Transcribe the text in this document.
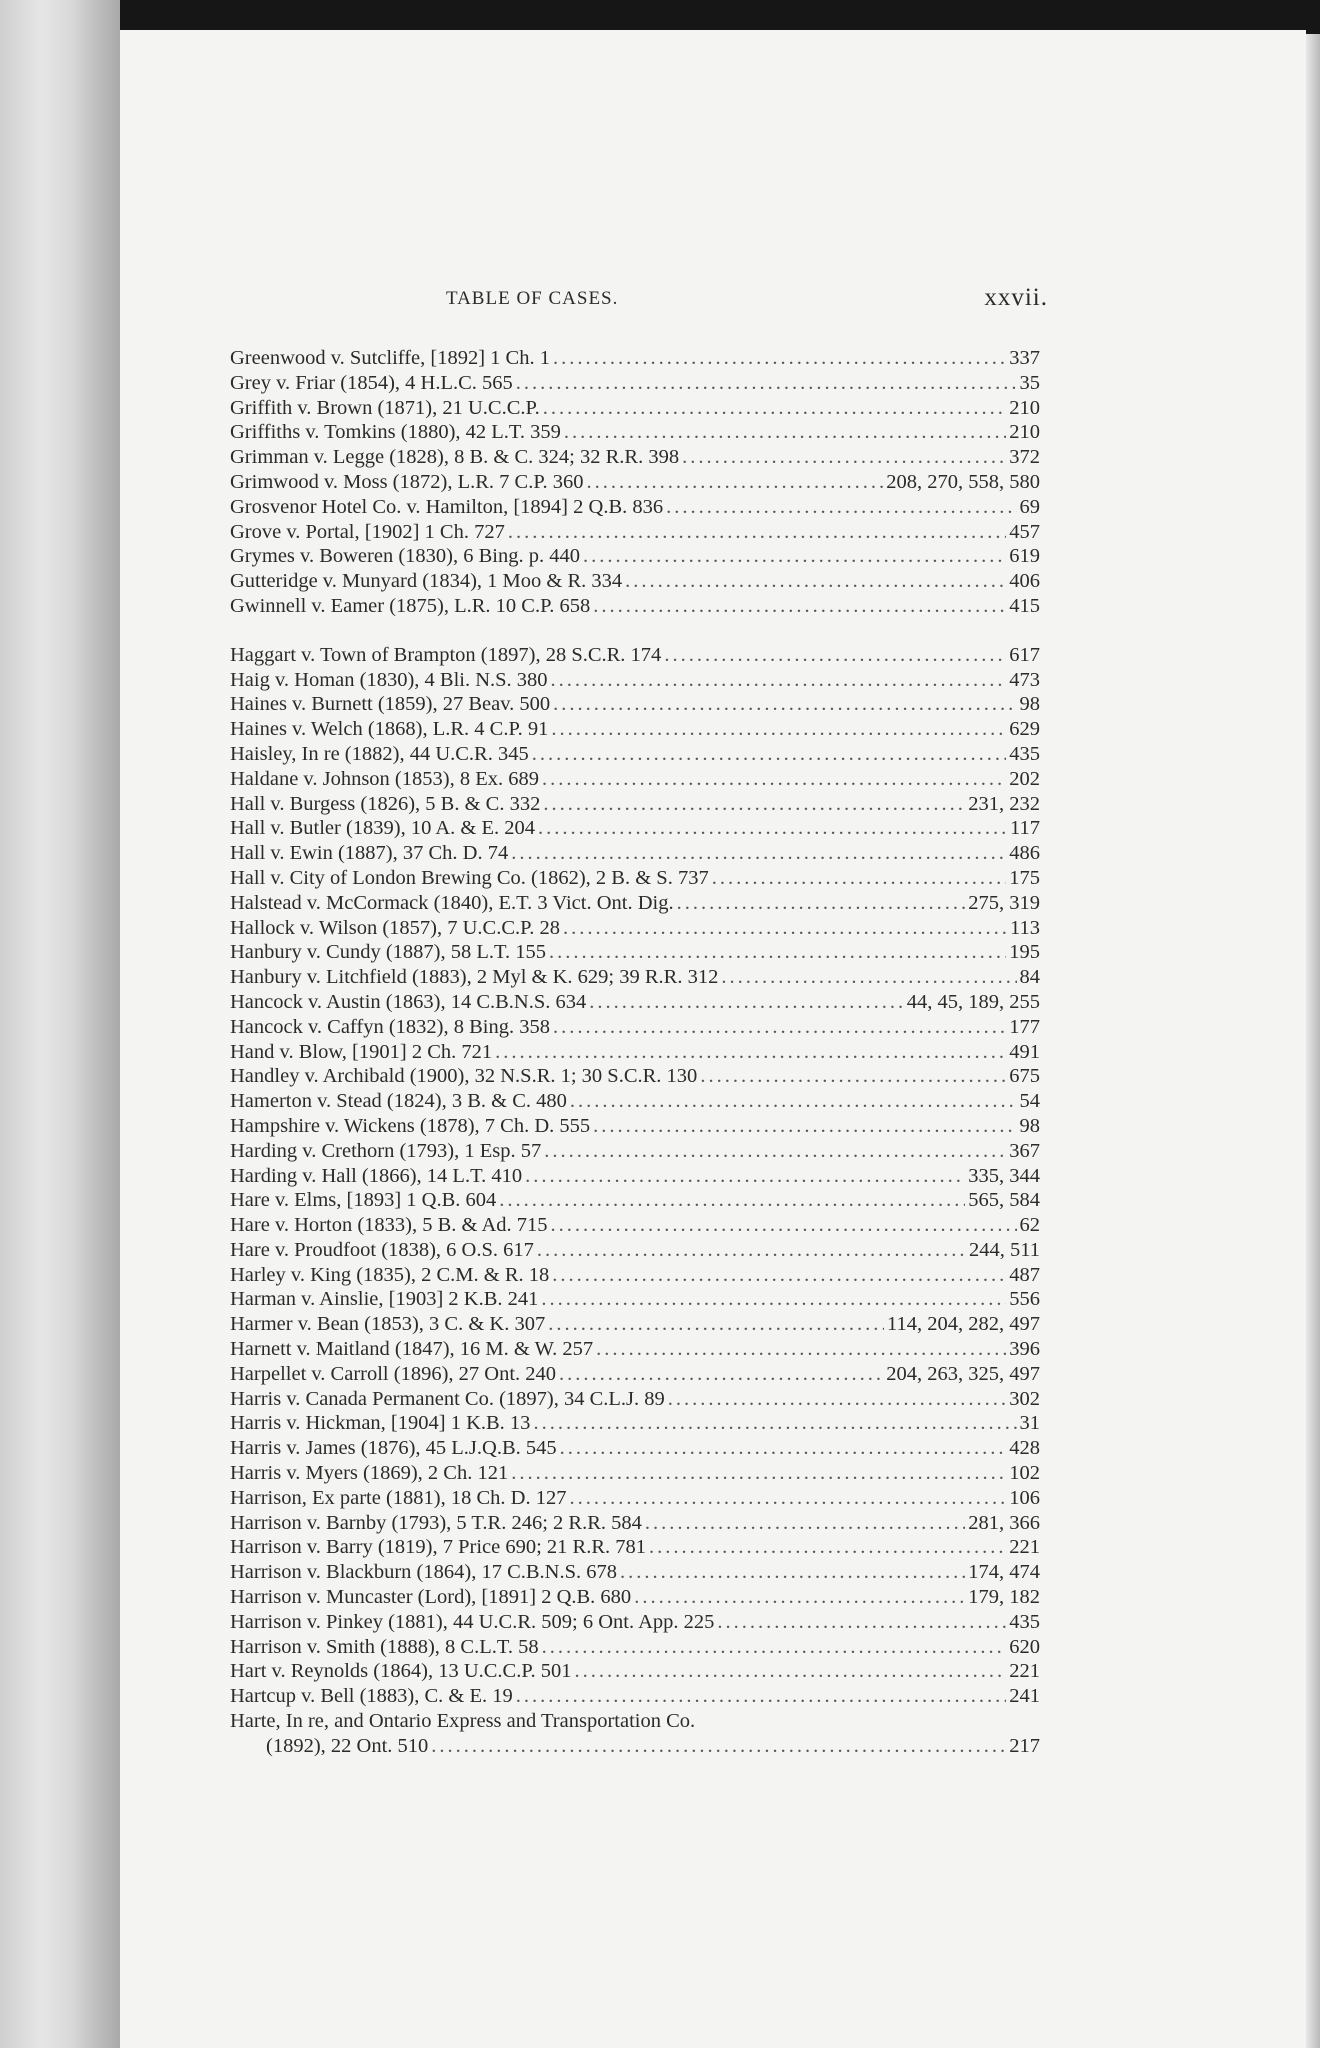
TABLE OF CASES.	xxvii.
Greenwood v. Sutcliffe, [1892] 1 Ch. 1 .....	337
Grey v. Friar (1854), 4 H.L.C. 565 .....	35
Griffith v. Brown (1871), 21 U.C.C.P. .....	210
Griffiths v. Tomkins (1880), 42 L.T. 359 .....	210
Grimman v. Legge (1828), 8 B. & C. 324; 32 R.R. 398 .....	372
Grimwood v. Moss (1872), L.R. 7 C.P. 360 .....	208, 270, 558, 580
Grosvenor Hotel Co. v. Hamilton, [1894] 2 Q.B. 836 .....	69
Grove v. Portal, [1902] 1 Ch. 727 .....	457
Grymes v. Boweren (1830), 6 Bing. p. 440 .....	619
Gutteridge v. Munyard (1834), 1 Moo & R. 334 .....	406
Gwinnell v. Eamer (1875), L.R. 10 C.P. 658 .....	415
Haggart v. Town of Brampton (1897), 28 S.C.R. 174 .....	617
Haig v. Homan (1830), 4 Bli. N.S. 380 .....	473
Haines v. Burnett (1859), 27 Beav. 500 .....	98
Haines v. Welch (1868), L.R. 4 C.P. 91 .....	629
Haisley, In re (1882), 44 U.C.R. 345 .....	435
Haldane v. Johnson (1853), 8 Ex. 689 .....	202
Hall v. Burgess (1826), 5 B. & C. 332 .....	231, 232
Hall v. Butler (1839), 10 A. & E. 204 .....	117
Hall v. Ewin (1887), 37 Ch. D. 74 .....	486
Hall v. City of London Brewing Co. (1862), 2 B. & S. 737 .....	175
Halstead v. McCormack (1840), E.T. 3 Vict. Ont. Dig. .....	275, 319
Hallock v. Wilson (1857), 7 U.C.C.P. 28 .....	113
Hanbury v. Cundy (1887), 58 L.T. 155 .....	195
Hanbury v. Litchfield (1883), 2 Myl & K. 629; 39 R.R. 312 .....	84
Hancock v. Austin (1863), 14 C.B.N.S. 634 .....	44, 45, 189, 255
Hancock v. Caffyn (1832), 8 Bing. 358 .....	177
Hand v. Blow, [1901] 2 Ch. 721 .....	491
Handley v. Archibald (1900), 32 N.S.R. 1; 30 S.C.R. 130 .....	675
Hamerton v. Stead (1824), 3 B. & C. 480 .....	54
Hampshire v. Wickens (1878), 7 Ch. D. 555 .....	98
Harding v. Crethorn (1793), 1 Esp. 57 .....	367
Harding v. Hall (1866), 14 L.T. 410 .....	335, 344
Hare v. Elms, [1893] 1 Q.B. 604 .....	565, 584
Hare v. Horton (1833), 5 B. & Ad. 715 .....	62
Hare v. Proudfoot (1838), 6 O.S. 617 .....	244, 511
Harley v. King (1835), 2 C.M. & R. 18 .....	487
Harman v. Ainslie, [1903] 2 K.B. 241 .....	556
Harmer v. Bean (1853), 3 C. & K. 307 .....	114, 204, 282, 497
Harnett v. Maitland (1847), 16 M. & W. 257 .....	396
Harpellet v. Carroll (1896), 27 Ont. 240 .....	204, 263, 325, 497
Harris v. Canada Permanent Co. (1897), 34 C.L.J. 89 .....	302
Harris v. Hickman, [1904] 1 K.B. 13 .....	31
Harris v. James (1876), 45 L.J.Q.B. 545 .....	428
Harris v. Myers (1869), 2 Ch. 121 .....	102
Harrison, Ex parte (1881), 18 Ch. D. 127 .....	106
Harrison v. Barnby (1793), 5 T.R. 246; 2 R.R. 584 .....	281, 366
Harrison v. Barry (1819), 7 Price 690; 21 R.R. 781 .....	221
Harrison v. Blackburn (1864), 17 C.B.N.S. 678 .....	174, 474
Harrison v. Muncaster (Lord), [1891] 2 Q.B. 680 .....	179, 182
Harrison v. Pinkey (1881), 44 U.C.R. 509; 6 Ont. App. 225 .....	435
Harrison v. Smith (1888), 8 C.L.T. 58 .....	620
Hart v. Reynolds (1864), 13 U.C.C.P. 501 .....	221
Hartcup v. Bell (1883), C. & E. 19 .....	241
Harte, In re, and Ontario Express and Transportation Co.
(1892), 22 Ont. 510 .....	217
